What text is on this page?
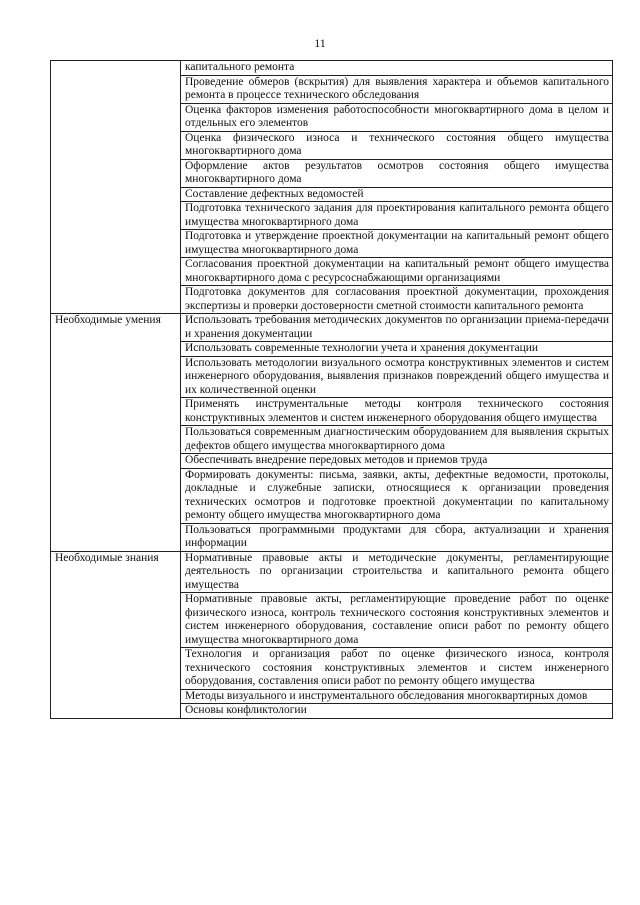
11
	капитального ремонта
	Проведение обмеров (вскрытия) для выявления характера и объемов капитального ремонта в процессе технического обследования
	Оценка факторов изменения работоспособности многоквартирного дома в целом и отдельных его элементов
	Оценка физического износа и технического состояния общего имущества многоквартирного дома
	Оформление актов результатов осмотров состояния общего имущества многоквартирного дома
	Составление дефектных ведомостей
	Подготовка технического задания для проектирования капитального ремонта общего имущества многоквартирного дома
	Подготовка и утверждение проектной документации на капитальный ремонт общего имущества многоквартирного дома
	Согласования проектной документации на капитальный ремонт общего имущества многоквартирного дома с ресурсоснабжающими организациями
	Подготовка документов для согласования проектной документации, прохождения экспертизы и проверки достоверности сметной стоимости капитального ремонта
Необходимые умения	Использовать требования методических документов по организации приема-передачи и хранения документации
	Использовать современные технологии учета и хранения документации
	Использовать методологии визуального осмотра конструктивных элементов и систем инженерного оборудования, выявления признаков повреждений общего имущества и их количественной оценки
	Применять инструментальные методы контроля технического состояния конструктивных элементов и систем инженерного оборудования общего имущества
	Пользоваться современным диагностическим оборудованием для выявления скрытых дефектов общего имущества многоквартирного дома
	Обеспечивать внедрение передовых методов и приемов труда
	Формировать документы: письма, заявки, акты, дефектные ведомости, протоколы, докладные и служебные записки, относящиеся к организации проведения технических осмотров и подготовке проектной документации по капитальному ремонту общего имущества многоквартирного дома
	Пользоваться программными продуктами для сбора, актуализации и хранения информации
Необходимые знания	Нормативные правовые акты и методические документы, регламентирующие деятельность по организации строительства и капитального ремонта общего имущества
	Нормативные правовые акты, регламентирующие проведение работ по оценке физического износа, контроль технического состояния конструктивных элементов и систем инженерного оборудования, составление описи работ по ремонту общего имущества многоквартирного дома
	Технология и организация работ по оценке физического износа, контроля технического состояния конструктивных элементов и систем инженерного оборудования, составления описи работ по ремонту общего имущества
	Методы визуального и инструментального обследования многоквартирных домов
	Основы конфликтологии
